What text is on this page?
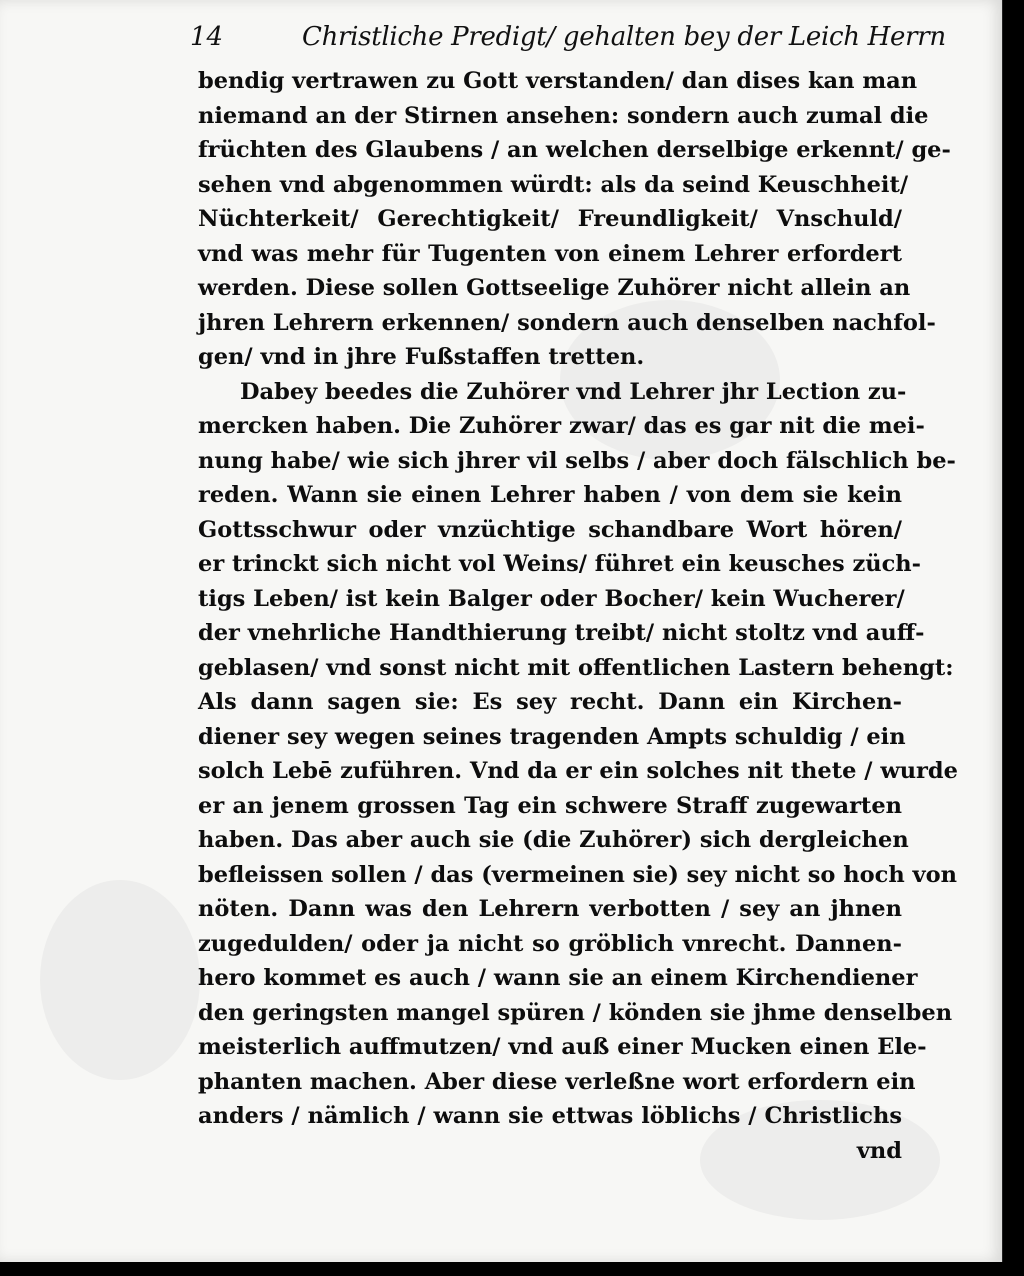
14	Christliche Predigt/ gehalten bey der Leich Herrn
bendig vertrawen zu Gott verstanden/ dan dises kan man
niemand an der Stirnen ansehen: sondern auch zumal die
früchten des Glaubens / an welchen derselbige erkennt/ ge-
sehen vnd abgenommen würdt: als da seind Keuschheit/
Nüchterkeit/ Gerechtigkeit/ Freundligkeit/ Vnschuld/
vnd was mehr für Tugenten von einem Lehrer erfordert
werden. Diese sollen Gottseelige Zuhörer nicht allein an
jhren Lehrern erkennen/ sondern auch denselben nachfol-
gen/ vnd in jhre Fußstaffen tretten.
Dabey beedes die Zuhörer vnd Lehrer jhr Lection zu-
mercken haben. Die Zuhörer zwar/ das es gar nit die mei-
nung habe/ wie sich jhrer vil selbs / aber doch fälschlich be-
reden. Wann sie einen Lehrer haben / von dem sie kein
Gottsschwur oder vnzüchtige schandbare Wort hören/
er trinckt sich nicht vol Weins/ führet ein keusches züch-
tigs Leben/ ist kein Balger oder Bocher/ kein Wucherer/
der vnehrliche Handthierung treibt/ nicht stoltz vnd auff-
geblasen/ vnd sonst nicht mit offentlichen Lastern behengt:
Als dann sagen sie: Es sey recht. Dann ein Kirchen-
diener sey wegen seines tragenden Ampts schuldig / ein
solch Lebē zuführen. Vnd da er ein solches nit thete / wurde
er an jenem grossen Tag ein schwere Straff zugewarten
haben. Das aber auch sie (die Zuhörer) sich dergleichen
befleissen sollen / das (vermeinen sie) sey nicht so hoch von
nöten. Dann was den Lehrern verbotten / sey an jhnen
zugedulden/ oder ja nicht so gröblich vnrecht. Dannen-
hero kommet es auch / wann sie an einem Kirchendiener
den geringsten mangel spüren / könden sie jhme denselben
meisterlich auffmutzen/ vnd auß einer Mucken einen Ele-
phanten machen. Aber diese verleßne wort erfordern ein
anders / nämlich / wann sie ettwas löblichs / Christlichs
vnd
